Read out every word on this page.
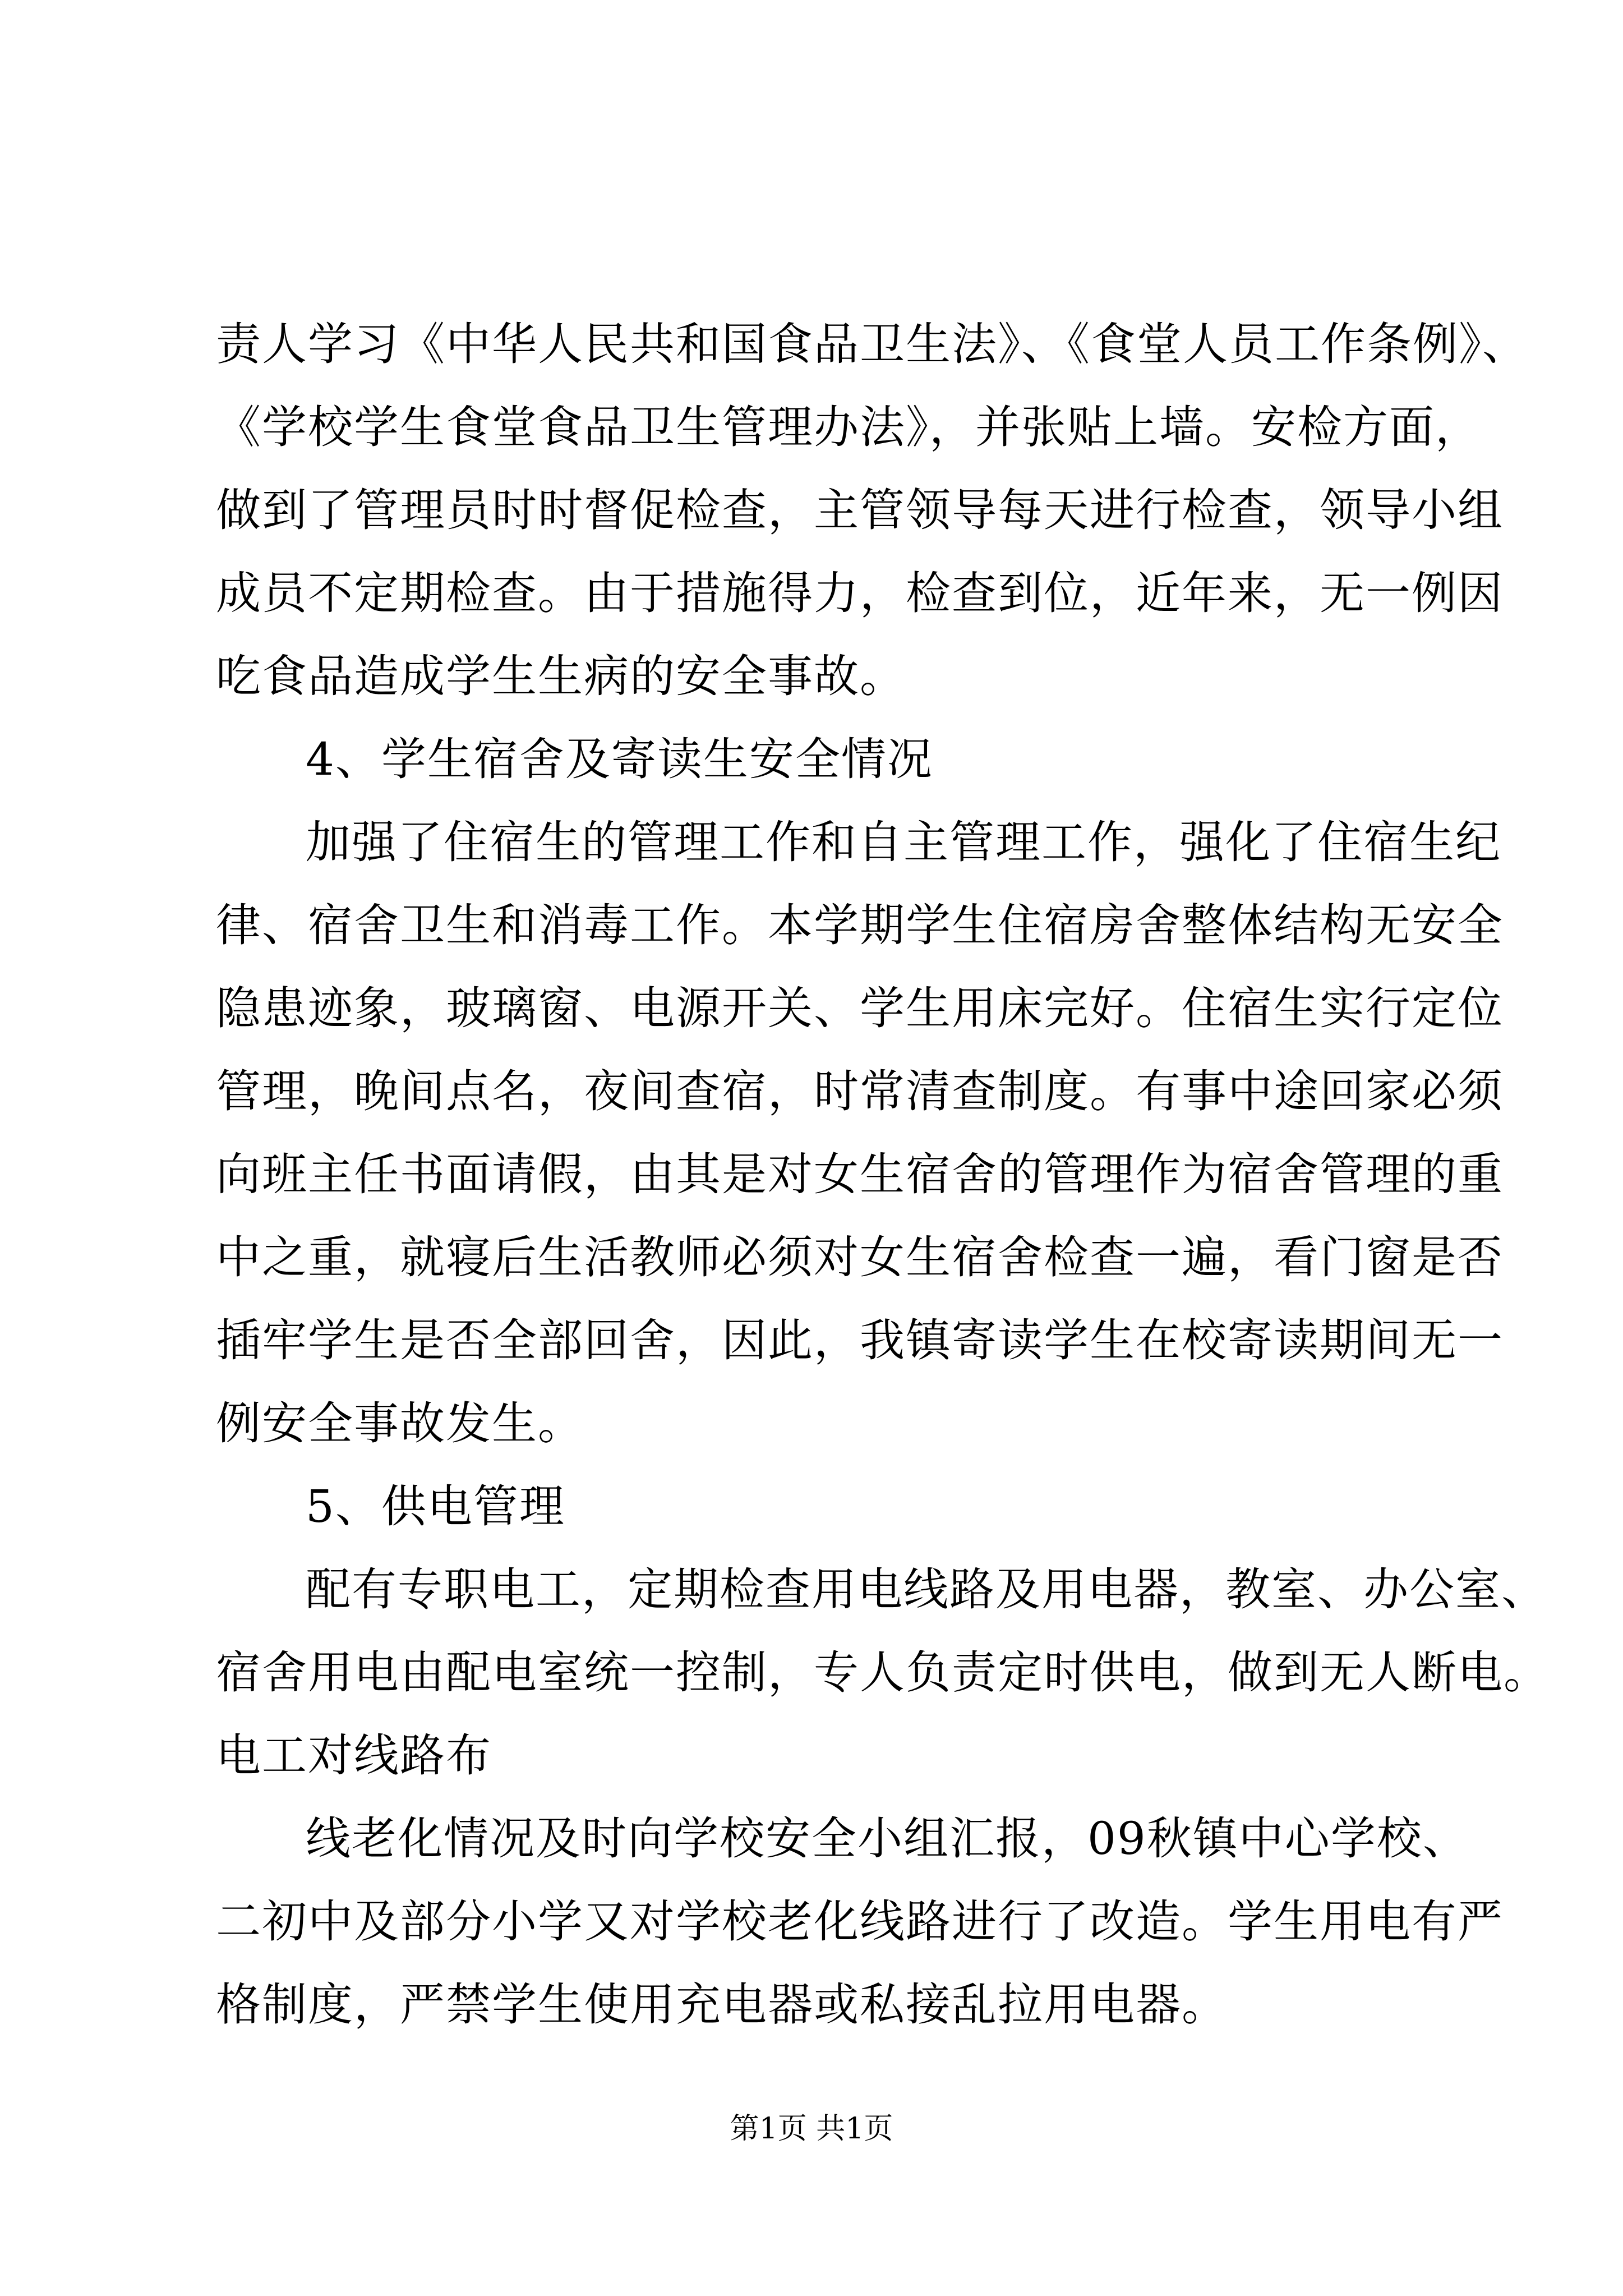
责人学习《中华人民共和国食品卫生法》、《食堂人员工作条例》、
《学校学生食堂食品卫生管理办法》，并张贴上墙。安检方面，
做到了管理员时时督促检查，主管领导每天进行检查，领导小组
成员不定期检查。由于措施得力，检查到位，近年来，无一例因
吃食品造成学生生病的安全事故。
4、学生宿舍及寄读生安全情况
加强了住宿生的管理工作和自主管理工作，强化了住宿生纪
律、宿舍卫生和消毒工作。本学期学生住宿房舍整体结构无安全
隐患迹象，玻璃窗、电源开关、学生用床完好。住宿生实行定位
管理，晚间点名，夜间查宿，时常清查制度。有事中途回家必须
向班主任书面请假，由其是对女生宿舍的管理作为宿舍管理的重
中之重，就寝后生活教师必须对女生宿舍检查一遍，看门窗是否
插牢学生是否全部回舍，因此，我镇寄读学生在校寄读期间无一
例安全事故发生。
5、供电管理
配有专职电工，定期检查用电线路及用电器，教室、办公室、
宿舍用电由配电室统一控制，专人负责定时供电，做到无人断电。
电工对线路布
线老化情况及时向学校安全小组汇报，09秋镇中心学校、
二初中及部分小学又对学校老化线路进行了改造。学生用电有严
格制度，严禁学生使用充电器或私接乱拉用电器。
第1页 共1页
